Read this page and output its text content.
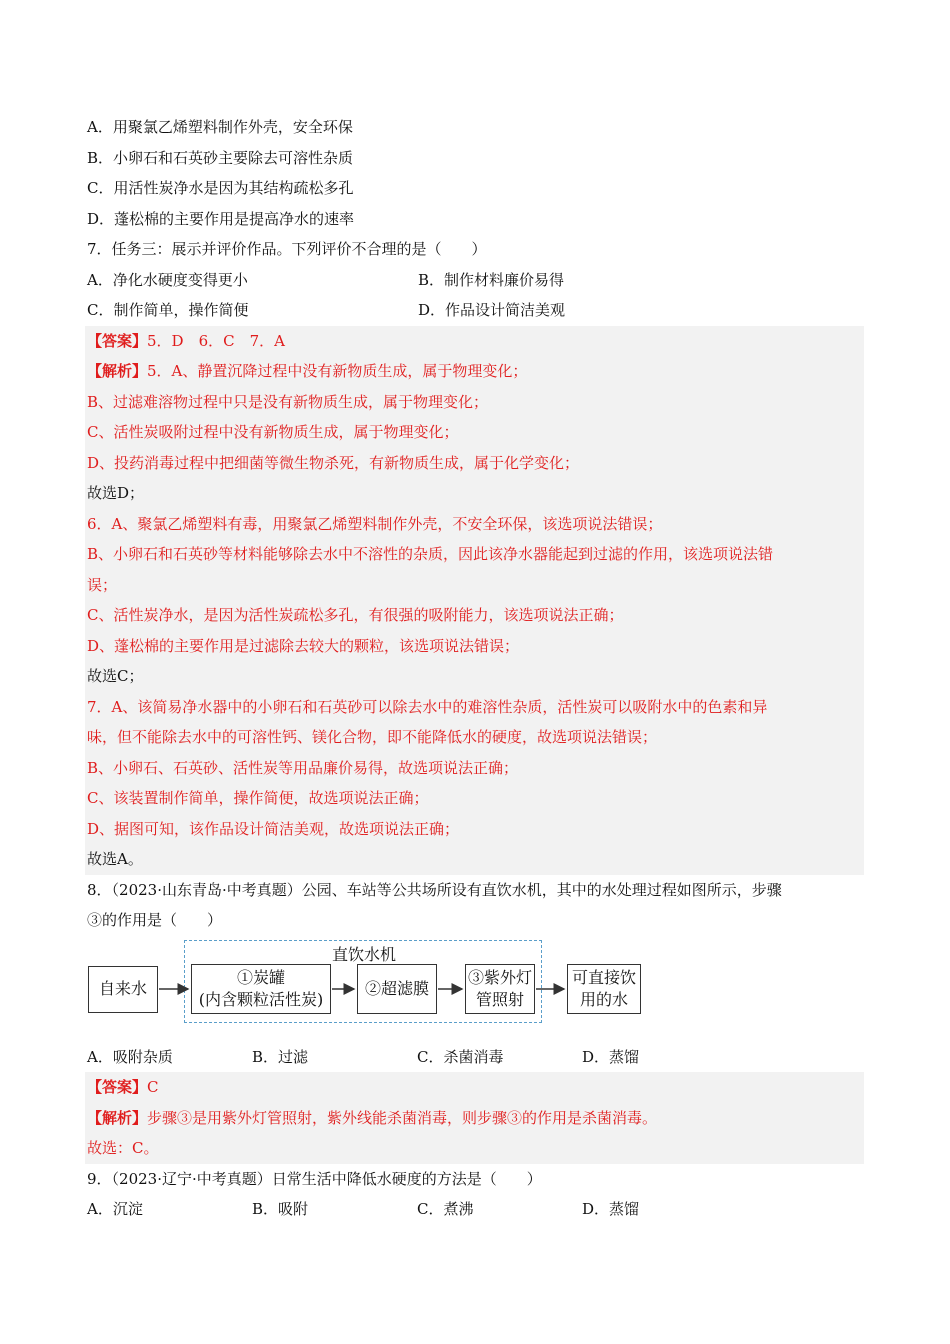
A．用聚氯乙烯塑料制作外壳，安全环保
B．小卵石和石英砂主要除去可溶性杂质
C．用活性炭净水是因为其结构疏松多孔
D．蓬松棉的主要作用是提高净水的速率
7．任务三：展示并评价作品。下列评价不合理的是（　　）
A．净化水硬度变得更小	B．制作材料廉价易得
C．制作简单，操作简便	D．作品设计简洁美观
【答案】5．D　6．C　7．A
【解析】5．A、静置沉降过程中没有新物质生成，属于物理变化；
B、过滤难溶物过程中只是没有新物质生成，属于物理变化；
C、活性炭吸附过程中没有新物质生成，属于物理变化；
D、投药消毒过程中把细菌等微生物杀死，有新物质生成，属于化学变化；
故选D；
6．A、聚氯乙烯塑料有毒，用聚氯乙烯塑料制作外壳，不安全环保，该选项说法错误；
B、小卵石和石英砂等材料能够除去水中不溶性的杂质，因此该净水器能起到过滤的作用，该选项说法错
误；
C、活性炭净水，是因为活性炭疏松多孔，有很强的吸附能力，该选项说法正确；
D、蓬松棉的主要作用是过滤除去较大的颗粒，该选项说法错误；
故选C；
7．A、该简易净水器中的小卵石和石英砂可以除去水中的难溶性杂质，活性炭可以吸附水中的色素和异
味，但不能除去水中的可溶性钙、镁化合物，即不能降低水的硬度，故选项说法错误；
B、小卵石、石英砂、活性炭等用品廉价易得，故选项说法正确；
C、该装置制作简单，操作简便，故选项说法正确；
D、据图可知，该作品设计简洁美观，故选项说法正确；
故选A。
8．（2023·山东青岛·中考真题）公园、车站等公共场所设有直饮水机，其中的水处理过程如图所示，步骤
③的作用是（　　）
直饮水机
自来水
①炭罐
(内含颗粒活性炭)
②超滤膜
③紫外灯
管照射
可直接饮
用的水
A．吸附杂质	B．过滤	C．杀菌消毒	D．蒸馏
【答案】C
【解析】步骤③是用紫外灯管照射，紫外线能杀菌消毒，则步骤③的作用是杀菌消毒。
故选：C。
9．（2023·辽宁·中考真题）日常生活中降低水硬度的方法是（　　）
A．沉淀	B．吸附	C．煮沸	D．蒸馏
